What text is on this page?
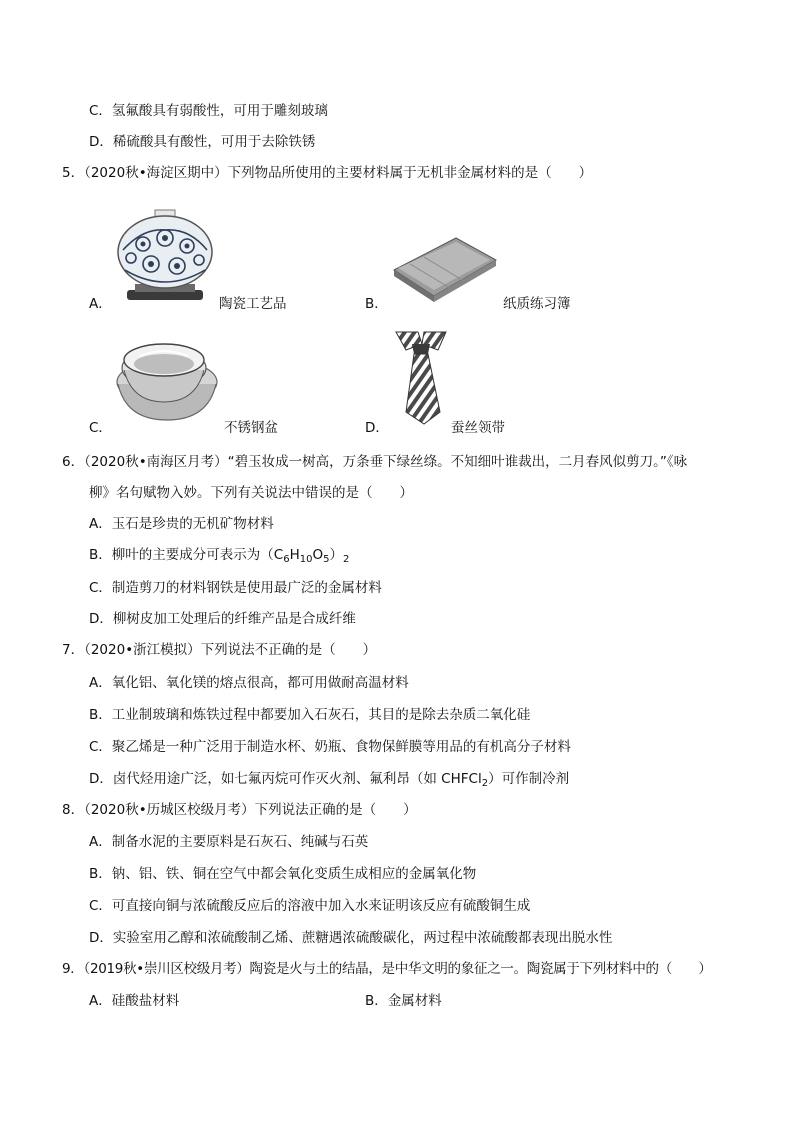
C．氢氟酸具有弱酸性，可用于雕刻玻璃
D．稀硫酸具有酸性，可用于去除铁锈
5．（2020秋•海淀区期中）下列物品所使用的主要材料属于无机非金属材料的是（　　）
A．	陶瓷工艺品	B．	纸质练习簿
C．	不锈钢盆	D．	蚕丝领带
6．（2020秋•南海区月考）“碧玉妆成一树高，万条垂下绿丝绦。不知细叶谁裁出，二月春风似剪刀。”《咏
柳》名句赋物入妙。下列有关说法中错误的是（　　）
A．玉石是珍贵的无机矿物材料
B．柳叶的主要成分可表示为$(C_6H_{10}O_5)_2$
C．制造剪刀的材料钢铁是使用最广泛的金属材料
D．柳树皮加工处理后的纤维产品是合成纤维
7．（2020•浙江模拟）下列说法不正确的是（　　）
A．氧化铝、氧化镁的熔点很高，都可用做耐高温材料
B．工业制玻璃和炼铁过程中都要加入石灰石，其目的是除去杂质二氧化硅
C．聚乙烯是一种广泛用于制造水杯、奶瓶、食物保鲜膜等用品的有机高分子材料
D．卤代烃用途广泛，如七氟丙烷可作灭火剂、氟利昂（如 CHFCl$_2$）可作制冷剂
8．（2020秋•历城区校级月考）下列说法正确的是（　　）
A．制备水泥的主要原料是石灰石、纯碱与石英
B．钠、铝、铁、铜在空气中都会氧化变质生成相应的金属氧化物
C．可直接向铜与浓硫酸反应后的溶液中加入水来证明该反应有硫酸铜生成
D．实验室用乙醇和浓硫酸制乙烯、蔗糖遇浓硫酸碳化，两过程中浓硫酸都表现出脱水性
9．（2019秋•崇川区校级月考）陶瓷是火与土的结晶，是中华文明的象征之一。陶瓷属于下列材料中的（　　）
A．硅酸盐材料	B．金属材料
